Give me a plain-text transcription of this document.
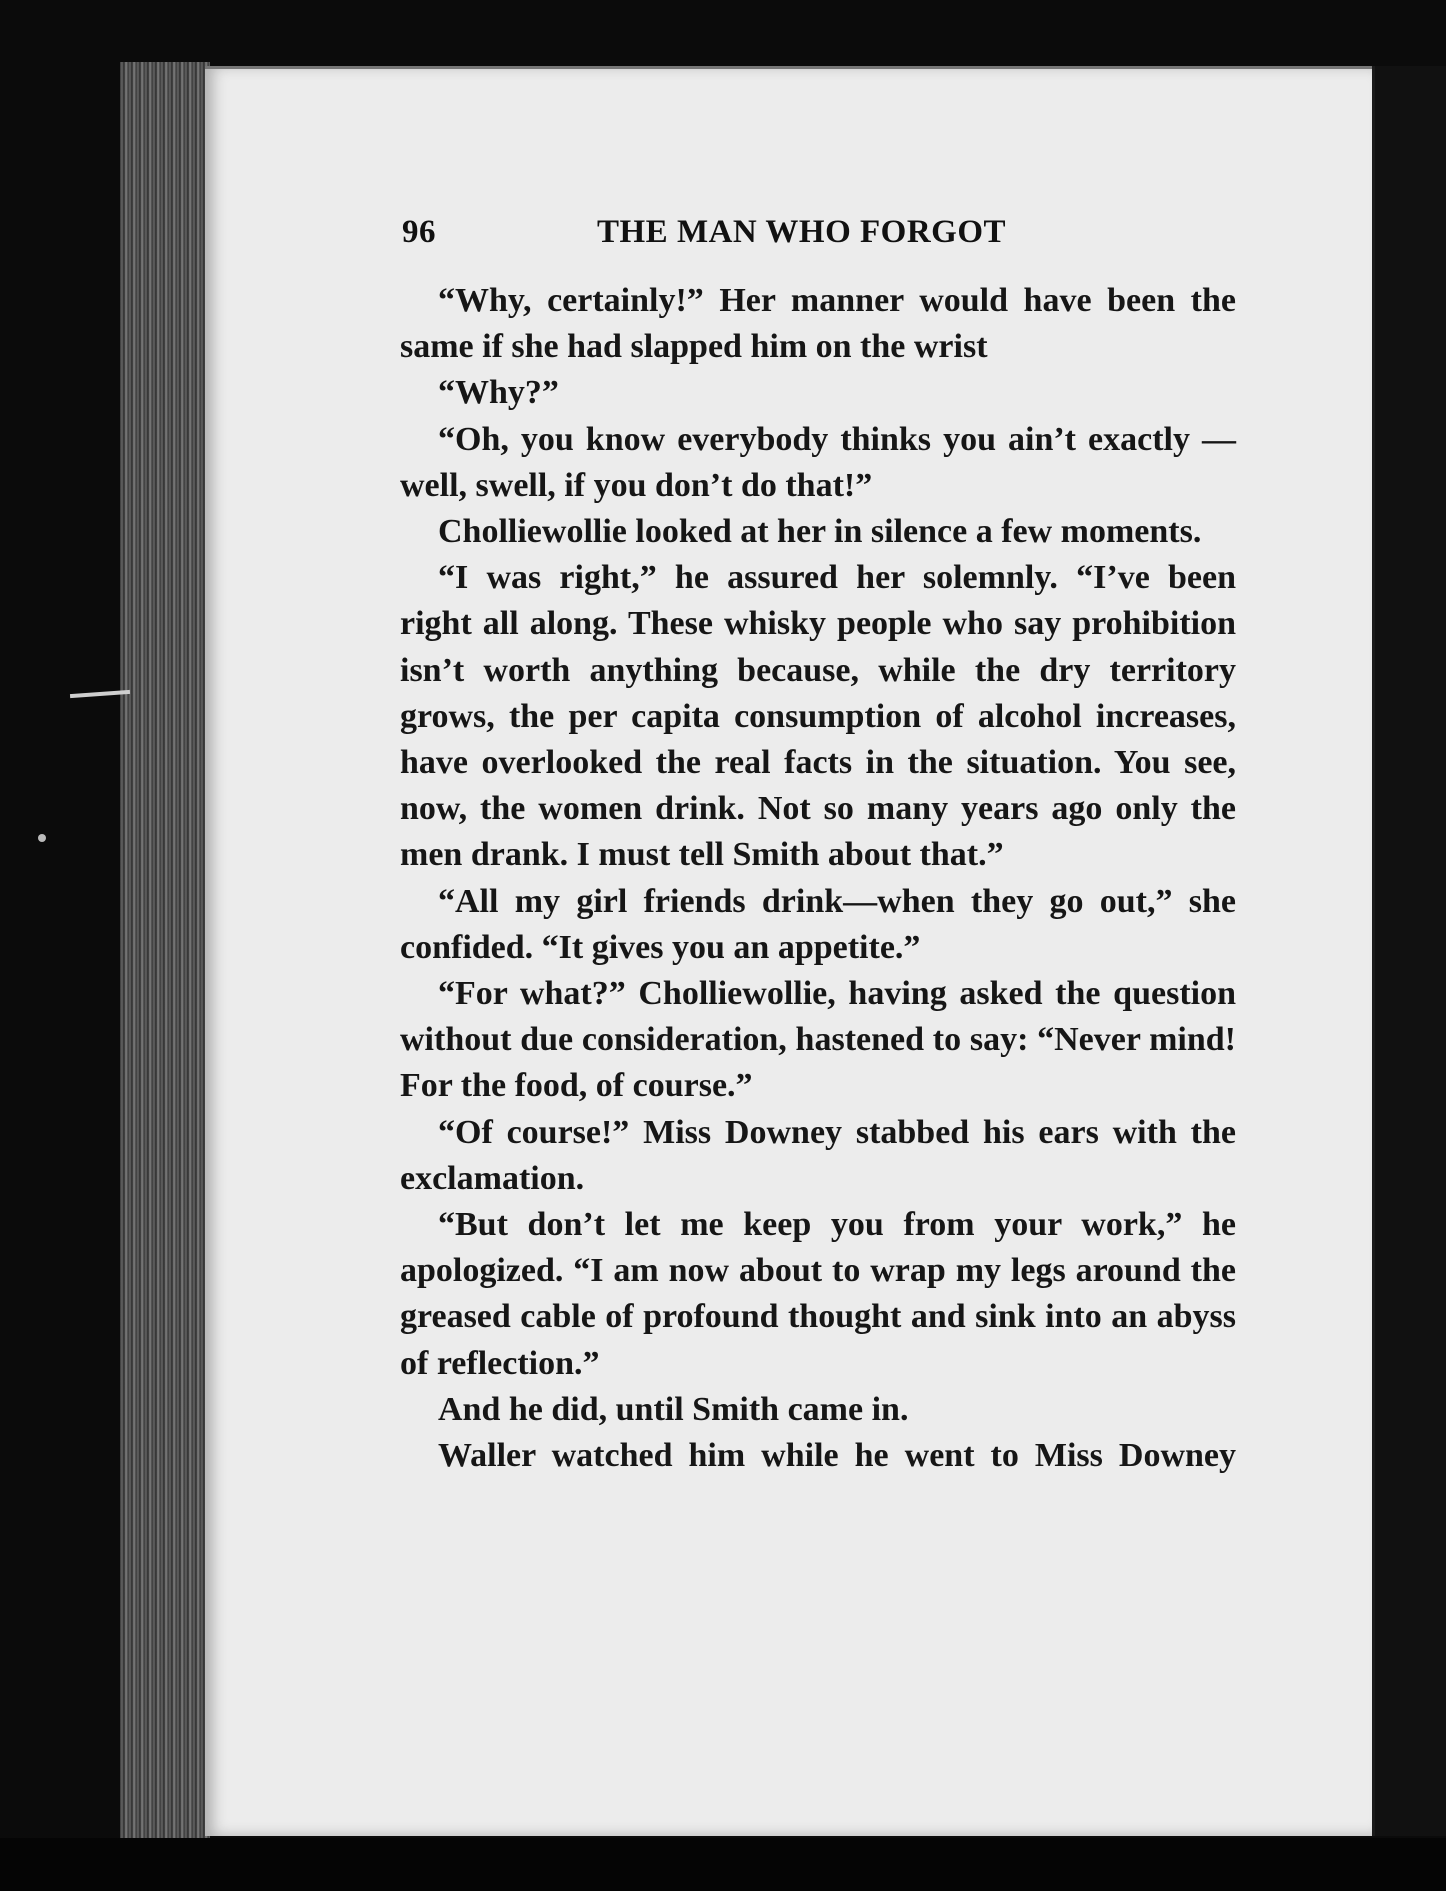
96	THE MAN WHO FORGOT

“Why, certainly!” Her manner would have been the same if she had slapped him on the wrist

“Why?”

“Oh, you know everybody thinks you ain’t exactly —well, swell, if you don’t do that!”

Cholliewollie looked at her in silence a few moments.

“I was right,” he assured her solemnly. “I’ve been right all along. These whisky people who say prohibition isn’t worth anything because, while the dry territory grows, the per capita consumption of alcohol increases, have overlooked the real facts in the situation. You see, now, the women drink. Not so many years ago only the men drank. I must tell Smith about that.”

“All my girl friends drink—when they go out,” she confided. “It gives you an appetite.”

“For what?” Cholliewollie, having asked the question without due consideration, hastened to say: “Never mind! For the food, of course.”

“Of course!” Miss Downey stabbed his ears with the exclamation.

“But don’t let me keep you from your work,” he apologized. “I am now about to wrap my legs around the greased cable of profound thought and sink into an abyss of reflection.”

And he did, until Smith came in.

Waller watched him while he went to Miss Downey
